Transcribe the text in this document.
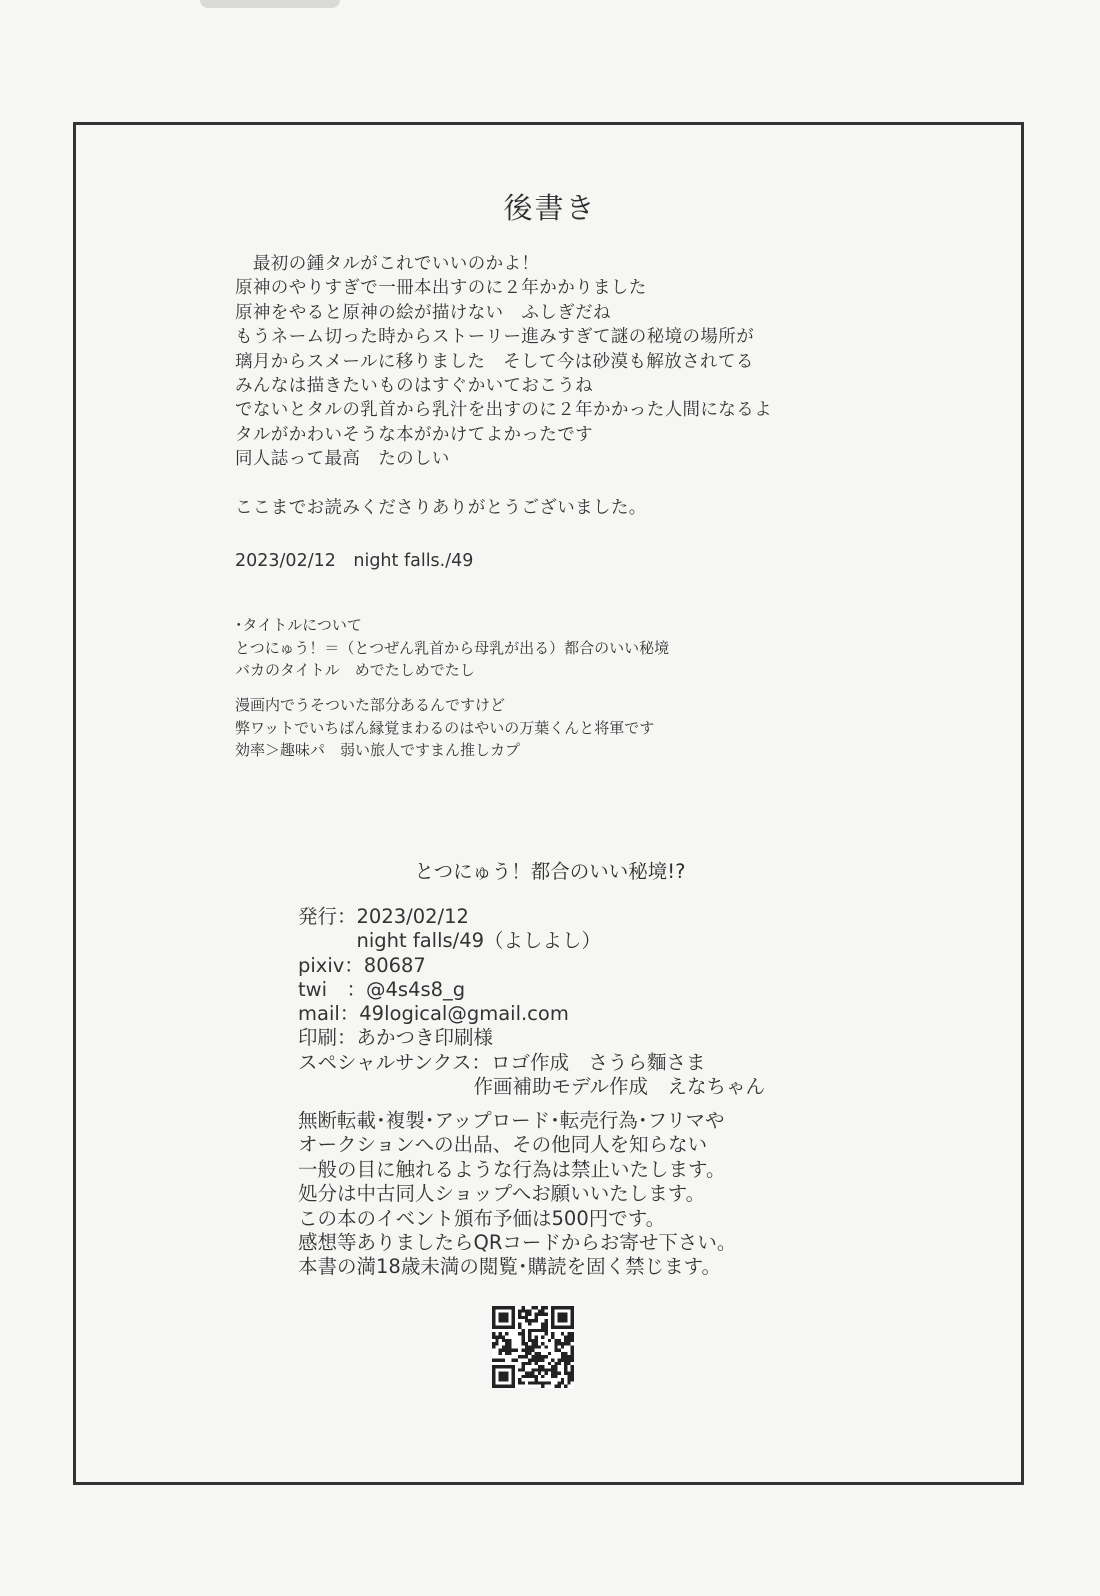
後書き
　最初の鍾タルがこれでいいのかよ！
原神のやりすぎで一冊本出すのに２年かかりました
原神をやると原神の絵が描けない　ふしぎだね
もうネーム切った時からストーリー進みすぎて謎の秘境の場所が
璃月からスメールに移りました　そして今は砂漠も解放されてる
みんなは描きたいものはすぐかいておこうね
でないとタルの乳首から乳汁を出すのに２年かかった人間になるよ
タルがかわいそうな本がかけてよかったです
同人誌って最高　たのしい
ここまでお読みくださりありがとうございました。
2023/02/12　night falls./49
･タイトルについて
とつにゅう！＝（とつぜん乳首から母乳が出る）都合のいい秘境
バカのタイトル　めでたしめでたし
漫画内でうそついた部分あるんですけど
弊ワットでいちばん縁覚まわるのはやいの万葉くんと将軍です
効率＞趣味パ　弱い旅人ですまん推しカプ
とつにゅう！都合のいい秘境!?
発行：2023/02/12
　　　night falls/49（よしよし）
pixiv：80687
twi　：@4s4s8_g
mail：49logical@gmail.com
印刷：あかつき印刷様
スペシャルサンクス：ロゴ作成　さうら麵さま
　　　　　　　　　作画補助モデル作成　えなちゃん
無断転載･複製･アップロード･転売行為･フリマや
オークションへの出品、その他同人を知らない
一般の目に触れるような行為は禁止いたします。
処分は中古同人ショップへお願いいたします。
この本のイベント頒布予価は500円です。
感想等ありましたらQRコードからお寄せ下さい。
本書の満18歳未満の閲覧･購読を固く禁じます。
